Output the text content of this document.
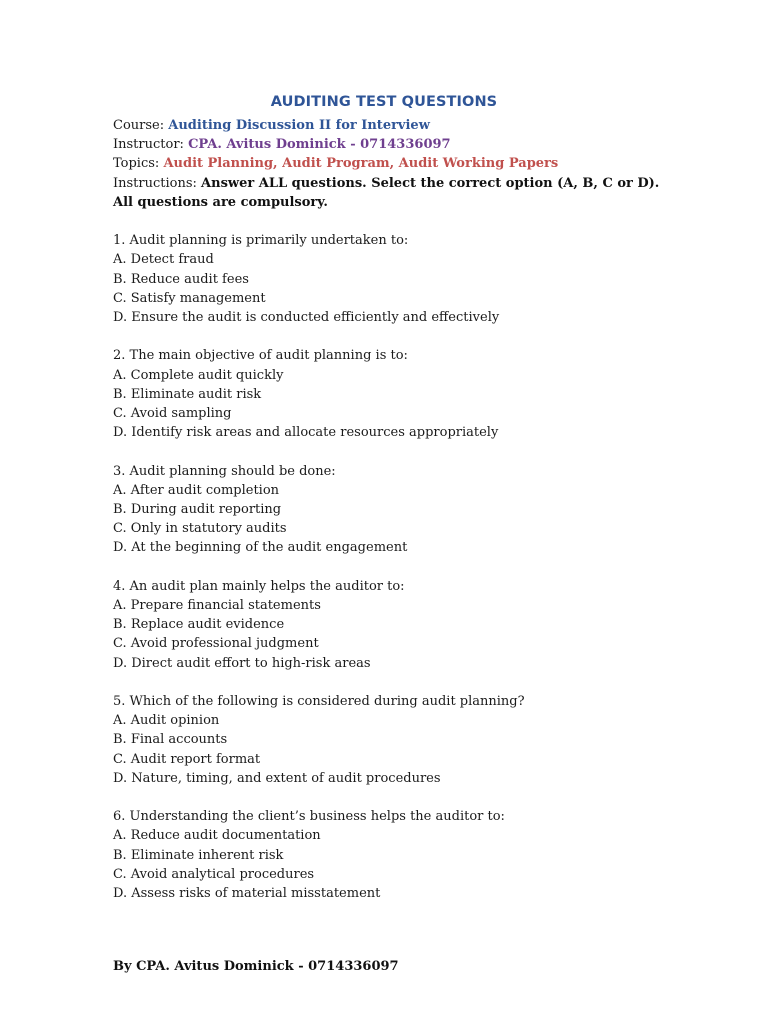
AUDITING TEST QUESTIONS
Course: Auditing Discussion II for Interview
Instructor: CPA. Avitus Dominick - 0714336097
Topics: Audit Planning, Audit Program, Audit Working Papers
Instructions: Answer ALL questions. Select the correct option (A, B, C or D).
All questions are compulsory.
1. Audit planning is primarily undertaken to:
A. Detect fraud
B. Reduce audit fees
C. Satisfy management
D. Ensure the audit is conducted efficiently and effectively
2. The main objective of audit planning is to:
A. Complete audit quickly
B. Eliminate audit risk
C. Avoid sampling
D. Identify risk areas and allocate resources appropriately
3. Audit planning should be done:
A. After audit completion
B. During audit reporting
C. Only in statutory audits
D. At the beginning of the audit engagement
4. An audit plan mainly helps the auditor to:
A. Prepare financial statements
B. Replace audit evidence
C. Avoid professional judgment
D. Direct audit effort to high-risk areas
5. Which of the following is considered during audit planning?
A. Audit opinion
B. Final accounts
C. Audit report format
D. Nature, timing, and extent of audit procedures
6. Understanding the client’s business helps the auditor to:
A. Reduce audit documentation
B. Eliminate inherent risk
C. Avoid analytical procedures
D. Assess risks of material misstatement
By CPA. Avitus Dominick - 0714336097
